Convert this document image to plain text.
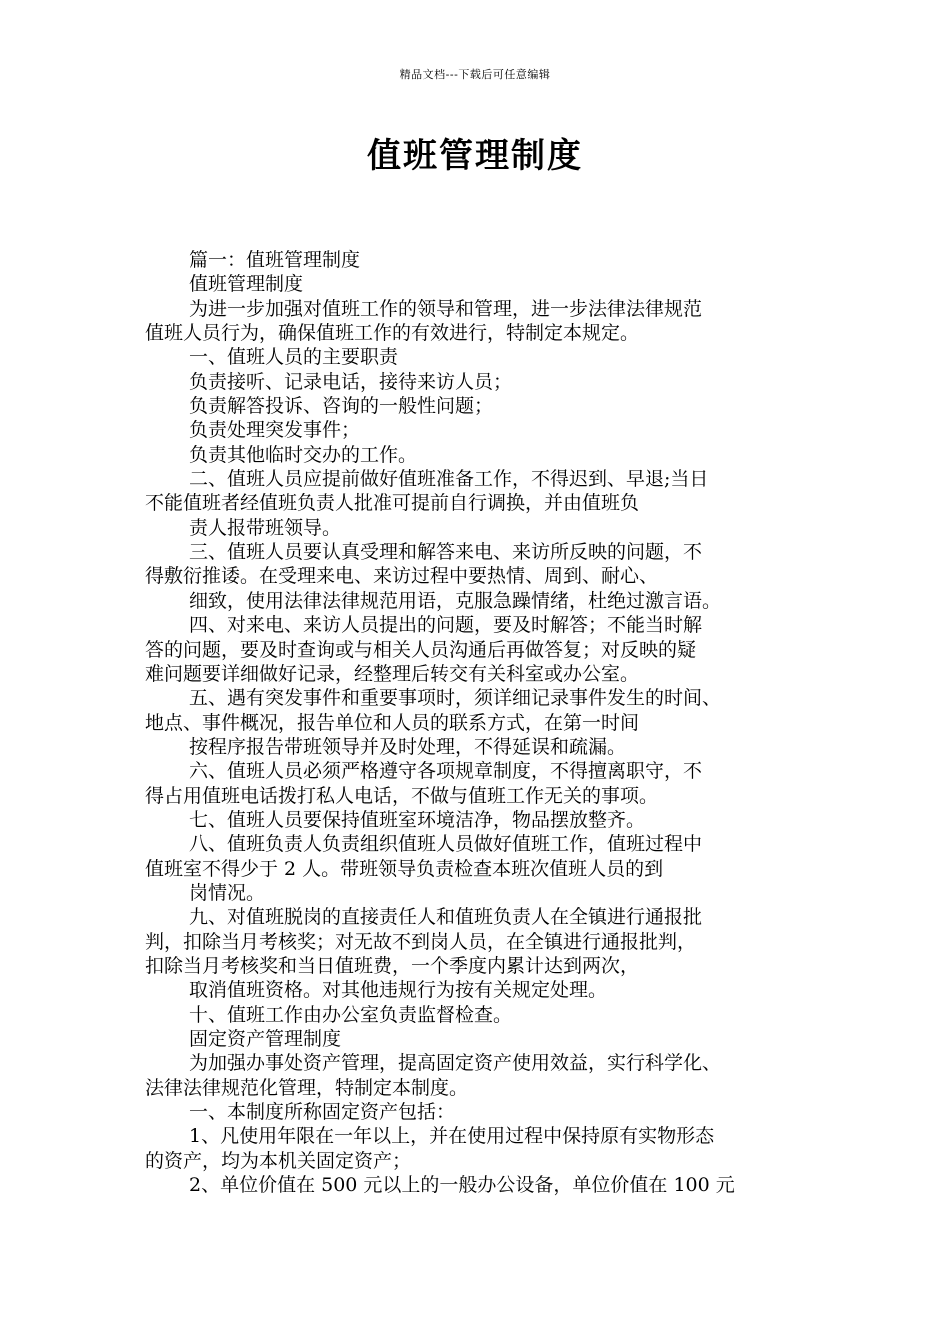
精品文档---下载后可任意编辑
值班管理制度
篇一：值班管理制度
值班管理制度
为进一步加强对值班工作的领导和管理，进一步法律法律规范
值班人员行为，确保值班工作的有效进行，特制定本规定。
一、值班人员的主要职责
负责接听、记录电话，接待来访人员；
负责解答投诉、咨询的一般性问题；
负责处理突发事件；
负责其他临时交办的工作。
二、值班人员应提前做好值班准备工作，不得迟到、早退;当日
不能值班者经值班负责人批准可提前自行调换，并由值班负
责人报带班领导。
三、值班人员要认真受理和解答来电、来访所反映的问题，不
得敷衍推诿。在受理来电、来访过程中要热情、周到、耐心、
细致，使用法律法律规范用语，克服急躁情绪，杜绝过激言语。
四、对来电、来访人员提出的问题，要及时解答；不能当时解
答的问题，要及时查询或与相关人员沟通后再做答复；对反映的疑
难问题要详细做好记录，经整理后转交有关科室或办公室。
五、遇有突发事件和重要事项时，须详细记录事件发生的时间、
地点、事件概况，报告单位和人员的联系方式，在第一时间
按程序报告带班领导并及时处理，不得延误和疏漏。
六、值班人员必须严格遵守各项规章制度，不得擅离职守，不
得占用值班电话拨打私人电话，不做与值班工作无关的事项。
七、值班人员要保持值班室环境洁净，物品摆放整齐。
八、值班负责人负责组织值班人员做好值班工作，值班过程中
值班室不得少于 2 人。带班领导负责检查本班次值班人员的到
岗情况。
九、对值班脱岗的直接责任人和值班负责人在全镇进行通报批
判，扣除当月考核奖；对无故不到岗人员，在全镇进行通报批判，
扣除当月考核奖和当日值班费，一个季度内累计达到两次，
取消值班资格。对其他违规行为按有关规定处理。
十、值班工作由办公室负责监督检查。
固定资产管理制度
为加强办事处资产管理，提高固定资产使用效益，实行科学化、
法律法律规范化管理，特制定本制度。
一、本制度所称固定资产包括：
1、凡使用年限在一年以上，并在使用过程中保持原有实物形态
的资产，均为本机关固定资产；
2、单位价值在 500 元以上的一般办公设备，单位价值在 100 元
